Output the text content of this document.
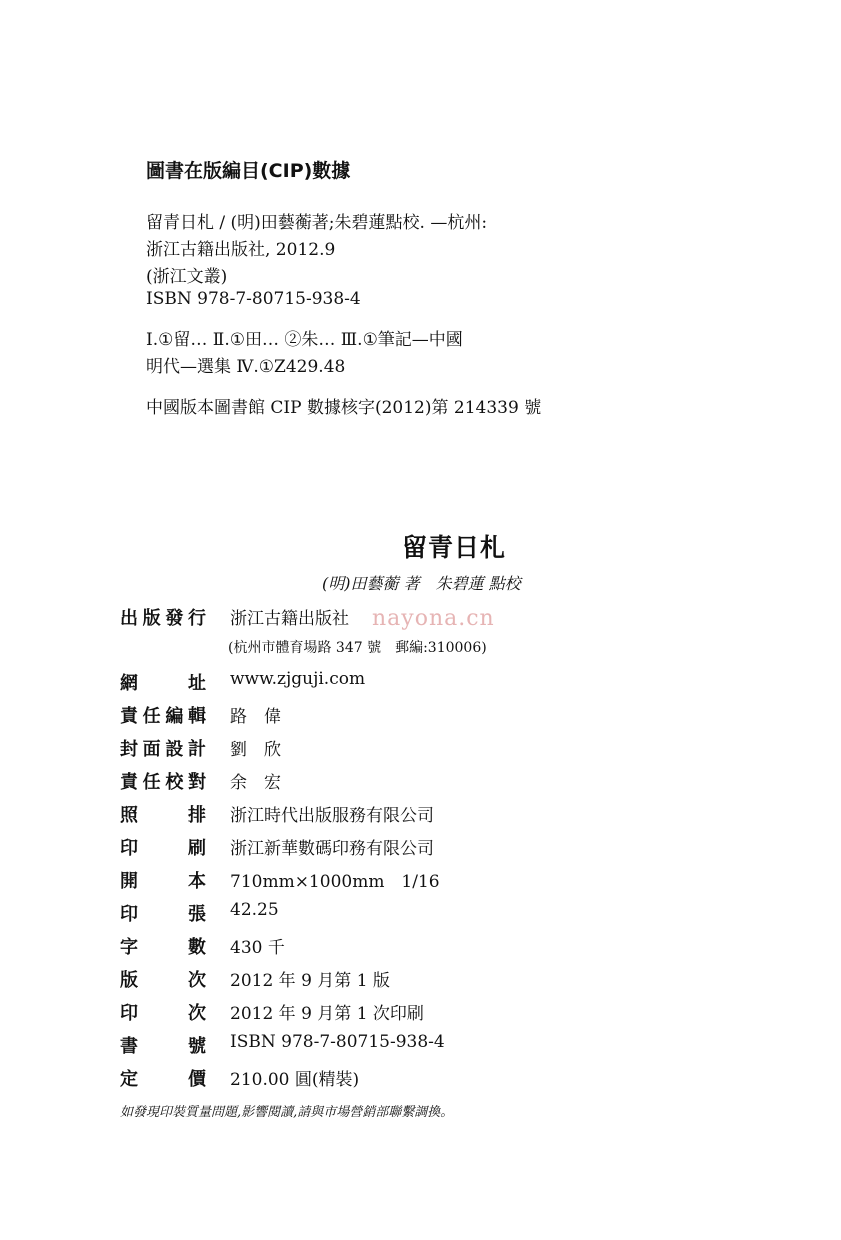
圖書在版編目(CIP)數據
留青日札 / (明)田藝蘅著;朱碧蓮點校. —杭州:
浙江古籍出版社, 2012.9
(浙江文叢)
ISBN 978-7-80715-938-4
Ⅰ.①留… Ⅱ.①田… ②朱… Ⅲ.①筆記—中國
明代—選集 Ⅳ.①Z429.48
中國版本圖書館 CIP 數據核字(2012)第 214339 號
留青日札
(明)田藝蘅 著　朱碧蓮 點校
出版發行 浙江古籍出版社
(杭州市體育場路 347 號　郵編:310006)
網　　址 www.zjguji.com
責任編輯 路　偉
封面設計 劉　欣
責任校對 余　宏
照　　排 浙江時代出版服務有限公司
印　　刷 浙江新華數碼印務有限公司
開　　本 710mm×1000mm　1/16
印　　張 42.25
字　　數 430 千
版　　次 2012 年 9 月第 1 版
印　　次 2012 年 9 月第 1 次印刷
書　　號 ISBN 978-7-80715-938-4
定　　價 210.00 圓(精裝)
如發現印裝質量問題,影響閱讀,請與市場營銷部聯繫調換。
nayona.cn
